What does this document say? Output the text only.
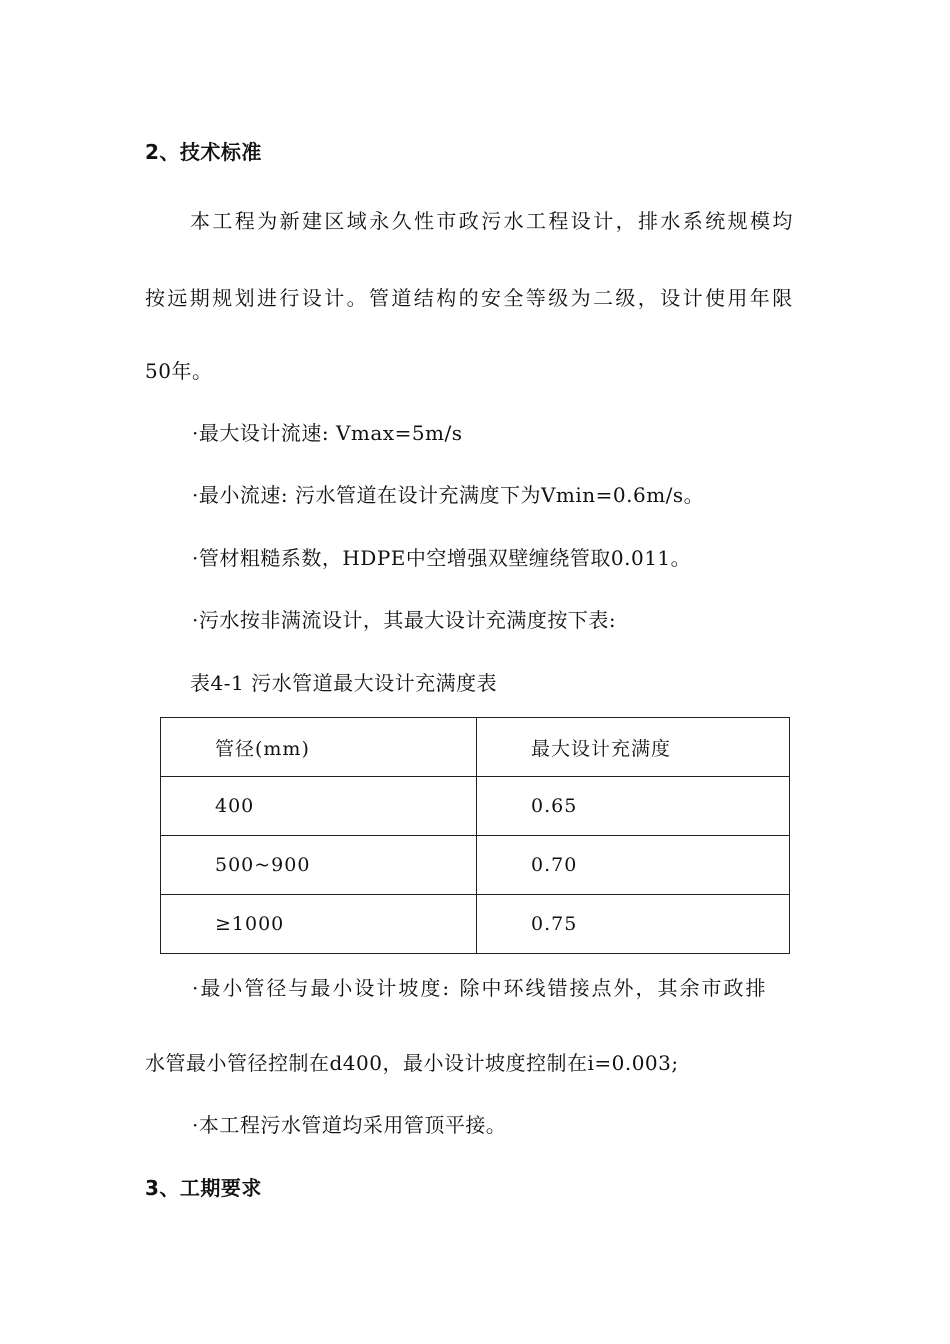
2、技术标准
本工程为新建区域永久性市政污水工程设计，排水系统规模均
按远期规划进行设计。管道结构的安全等级为二级，设计使用年限
50年。
·最大设计流速: Vmax=5m/s
·最小流速: 污水管道在设计充满度下为Vmin=0.6m/s。
·管材粗糙系数，HDPE中空增强双壁缠绕管取0.011。
·污水按非满流设计，其最大设计充满度按下表:
表4-1 污水管道最大设计充满度表
管径(mm)	最大设计充满度
400	0.65
500~900	0.70
≥1000	0.75
·最小管径与最小设计坡度: 除中环线错接点外，其余市政排
水管最小管径控制在d400，最小设计坡度控制在i=0.003;
·本工程污水管道均采用管顶平接。
3、工期要求
